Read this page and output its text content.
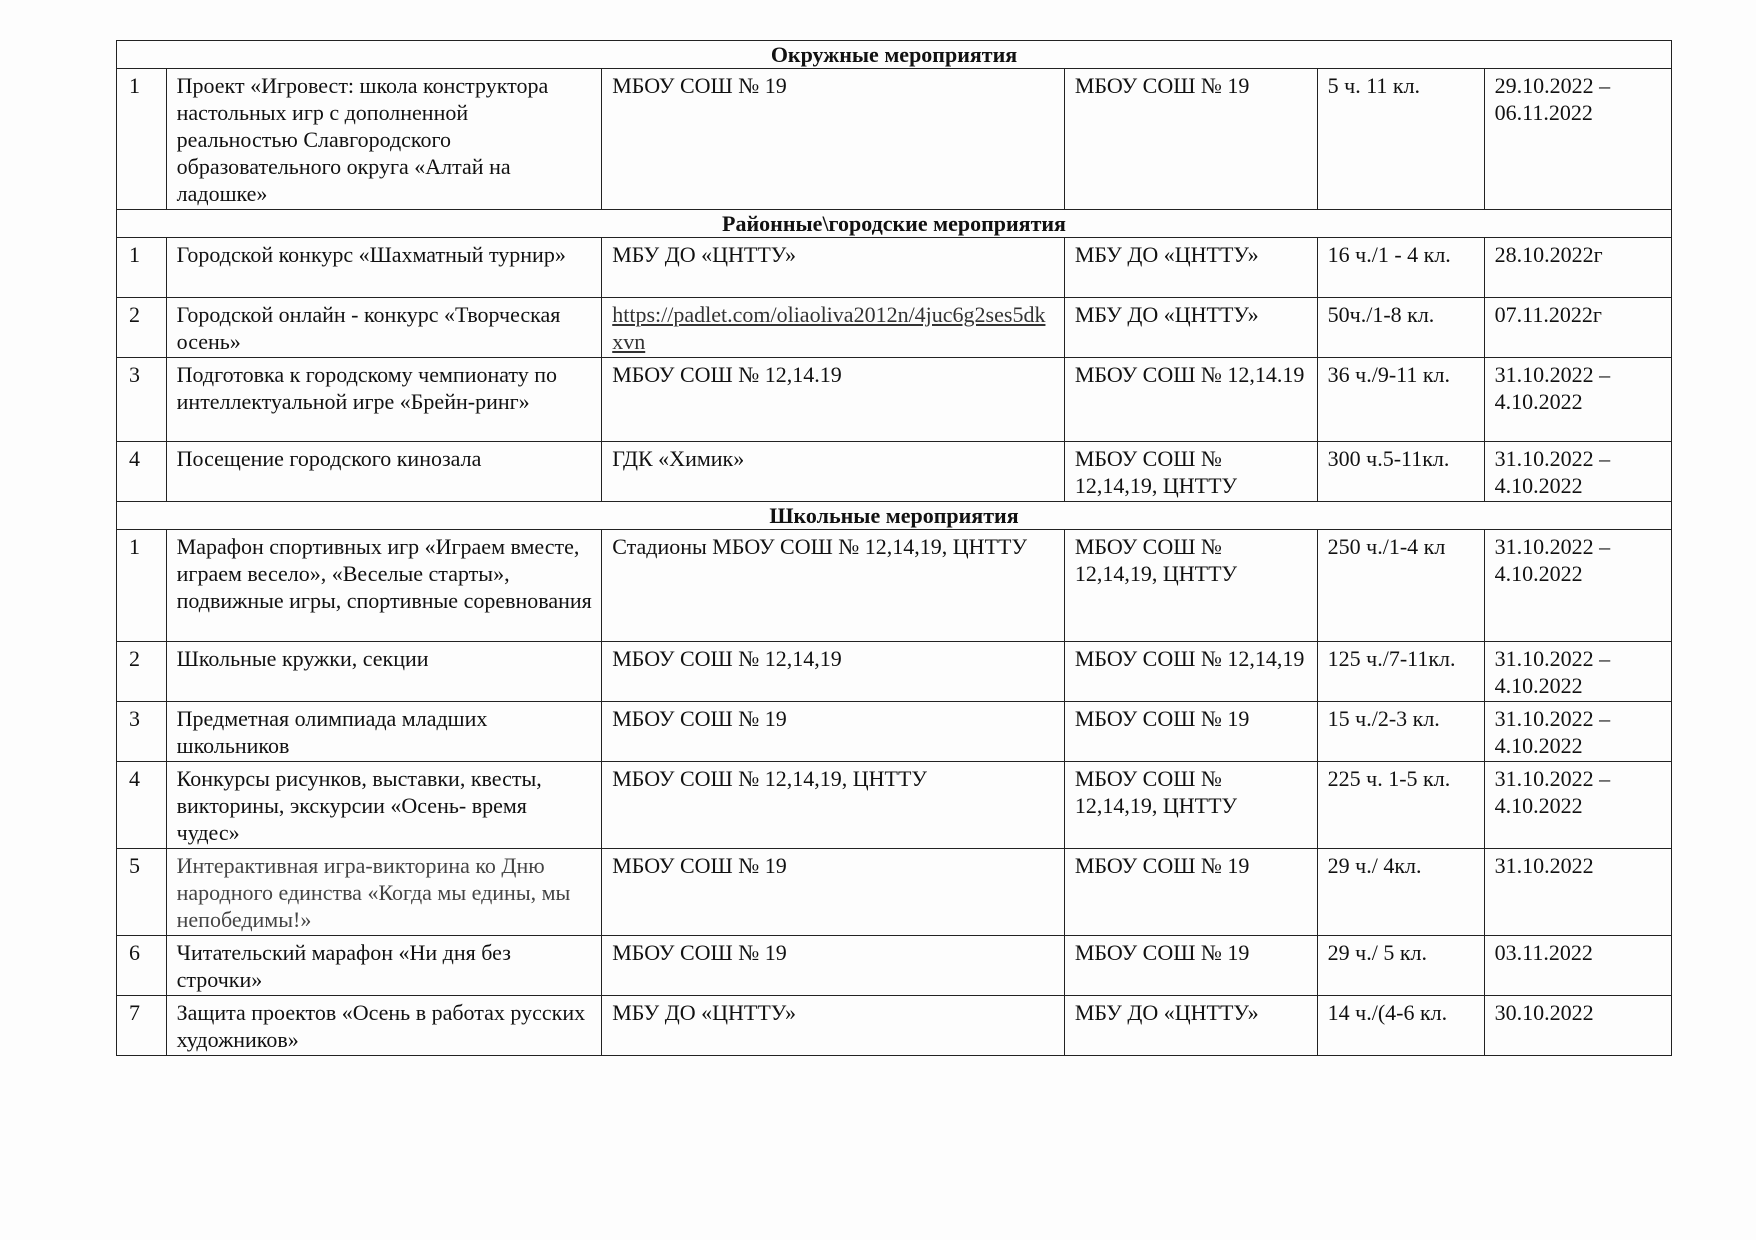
Окружные мероприятия					
1	Проект «Игровест: школа конструктора настольных игр с дополненной реальностью Славгородского образовательного округа «Алтай на ладошке»	МБОУ СОШ № 19	МБОУ СОШ № 19	5 ч. 11 кл.	29.10.2022 – 06.11.2022
Районные\городские мероприятия					
1	Городской конкурс «Шахматный турнир»	МБУ ДО «ЦНТТУ»	МБУ ДО «ЦНТТУ»	16 ч./1 - 4 кл.	28.10.2022г
2	Городской онлайн - конкурс «Творческая осень»	https://padlet.com/oliaoliva2012n/4juc6g2ses5dkxvn	МБУ ДО «ЦНТТУ»	50ч./1-8 кл.	07.11.2022г
3	Подготовка к городскому чемпионату по интеллектуальной игре «Брейн-ринг»	МБОУ СОШ № 12,14.19	МБОУ СОШ № 12,14.19	36 ч./9-11 кл.	31.10.2022 – 4.10.2022
4	Посещение городского кинозала	ГДК «Химик»	МБОУ СОШ № 12,14,19, ЦНТТУ	300 ч.5-11кл.	31.10.2022 – 4.10.2022
Школьные мероприятия					
1	Марафон спортивных игр «Играем вместе, играем весело», «Веселые старты», подвижные игры, спортивные соревнования	Стадионы МБОУ СОШ № 12,14,19, ЦНТТУ	МБОУ СОШ № 12,14,19, ЦНТТУ	250 ч./1-4 кл	31.10.2022 – 4.10.2022
2	Школьные кружки, секции	МБОУ СОШ № 12,14,19	МБОУ СОШ № 12,14,19	125 ч./7-11кл.	31.10.2022 – 4.10.2022
3	Предметная олимпиада младших школьников	МБОУ СОШ № 19	МБОУ СОШ № 19	15 ч./2-3 кл.	31.10.2022 – 4.10.2022
4	Конкурсы рисунков, выставки, квесты, викторины, экскурсии «Осень- время чудес»	МБОУ СОШ № 12,14,19, ЦНТТУ	МБОУ СОШ № 12,14,19, ЦНТТУ	225 ч. 1-5 кл.	31.10.2022 – 4.10.2022
5	Интерактивная игра-викторина ко Дню народного единства «Когда мы едины, мы непобедимы!»	МБОУ СОШ № 19	МБОУ СОШ № 19	29 ч./ 4кл.	31.10.2022
6	Читательский марафон «Ни дня без строчки»	МБОУ СОШ № 19	МБОУ СОШ № 19	29 ч./ 5 кл.	03.11.2022
7	Защита проектов «Осень в работах русских художников»	МБУ ДО «ЦНТТУ»	МБУ ДО «ЦНТТУ»	14 ч./(4-6 кл.	30.10.2022
